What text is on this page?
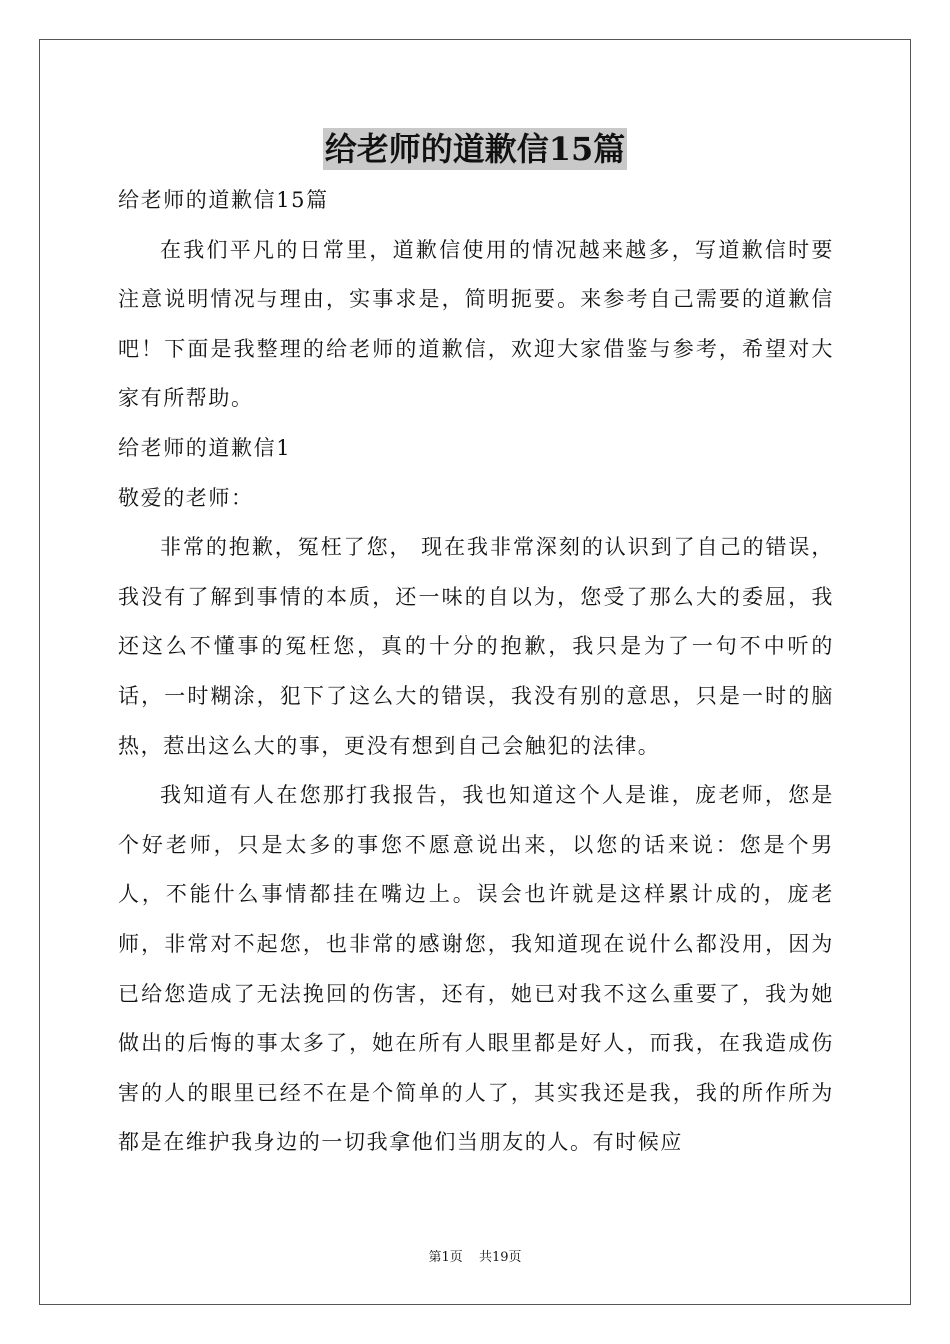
给老师的道歉信15篇

给老师的道歉信15篇

在我们平凡的日常里，道歉信使用的情况越来越多，写道歉信时要注意说明情况与理由，实事求是，简明扼要。来参考自己需要的道歉信吧！下面是我整理的给老师的道歉信，欢迎大家借鉴与参考，希望对大家有所帮助。

给老师的道歉信1

敬爱的老师：

非常的抱歉，冤枉了您， 现在我非常深刻的认识到了自己的错误，我没有了解到事情的本质，还一味的自以为，您受了那么大的委屈，我还这么不懂事的冤枉您，真的十分的抱歉，我只是为了一句不中听的话，一时糊涂，犯下了这么大的错误，我没有别的意思，只是一时的脑热，惹出这么大的事，更没有想到自己会触犯的法律。

我知道有人在您那打我报告，我也知道这个人是谁，庞老师，您是个好老师，只是太多的事您不愿意说出来，以您的话来说：您是个男人，不能什么事情都挂在嘴边上。误会也许就是这样累计成的，庞老师，非常对不起您，也非常的感谢您，我知道现在说什么都没用，因为已给您造成了无法挽回的伤害，还有，她已对我不这么重要了，我为她做出的后悔的事太多了，她在所有人眼里都是好人，而我，在我造成伤害的人的眼里已经不在是个简单的人了，其实我还是我，我的所作所为都是在维护我身边的一切我拿他们当朋友的人。有时候应

第1页 共19页
